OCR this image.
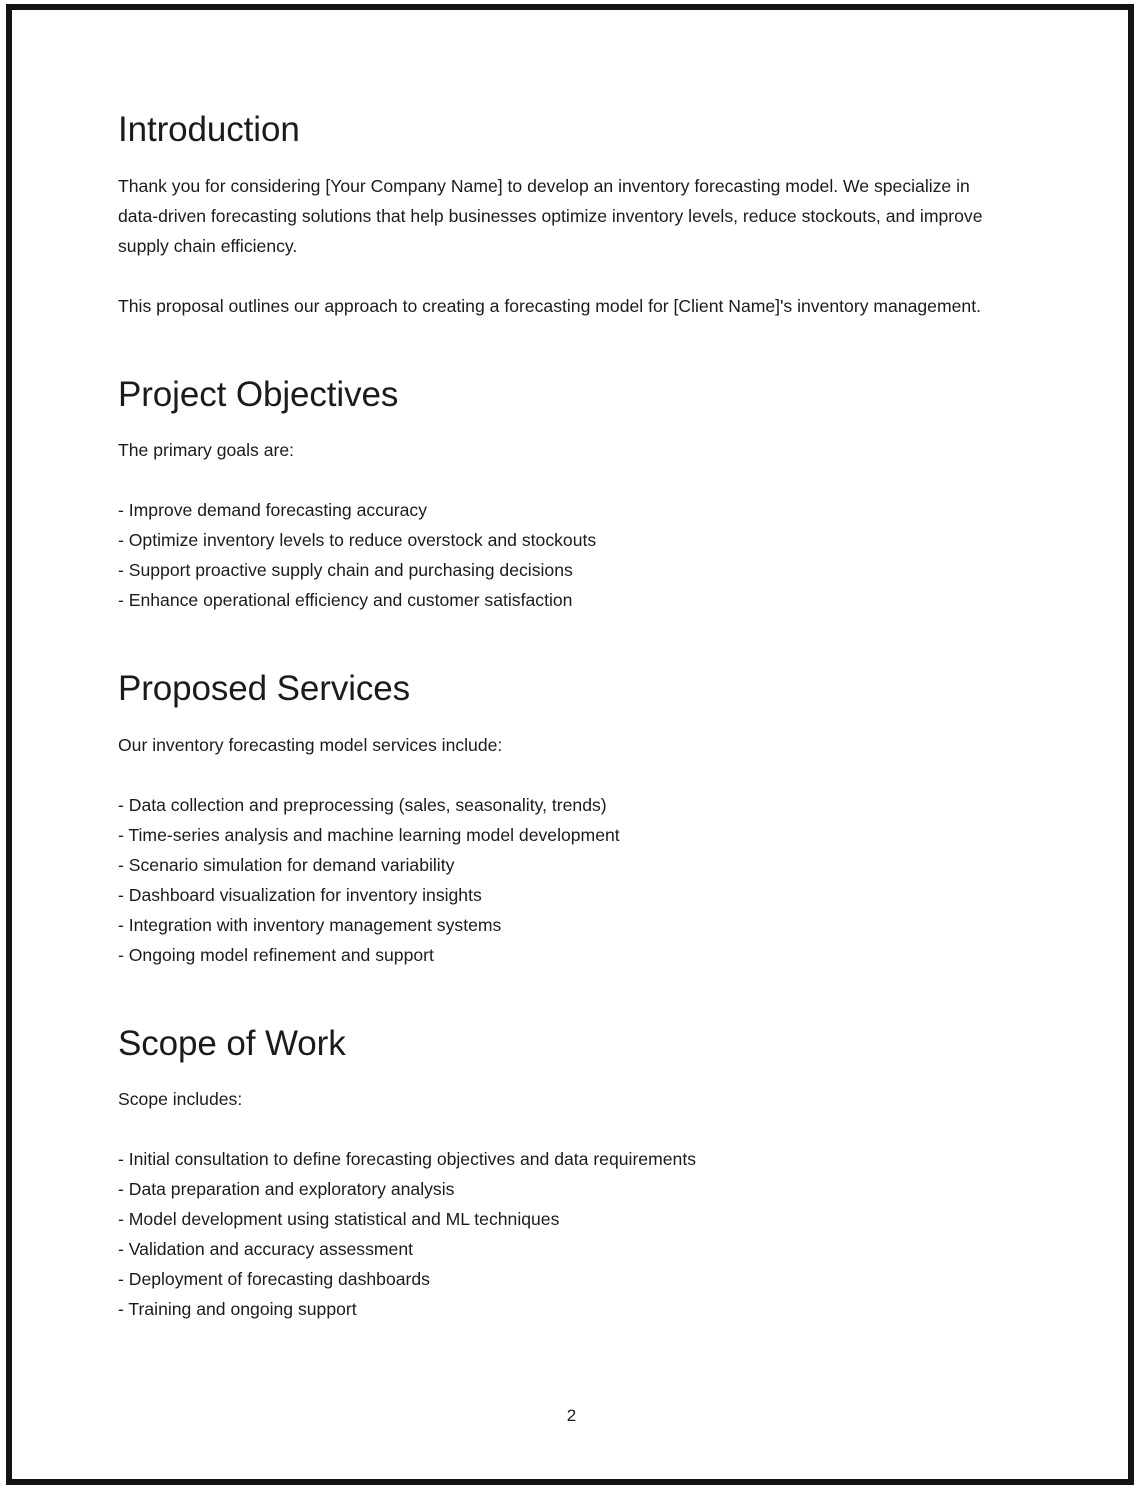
Introduction

Thank you for considering [Your Company Name] to develop an inventory forecasting model. We specialize in data-driven forecasting solutions that help businesses optimize inventory levels, reduce stockouts, and improve supply chain efficiency.

This proposal outlines our approach to creating a forecasting model for [Client Name]'s inventory management.

Project Objectives

The primary goals are:

- Improve demand forecasting accuracy
- Optimize inventory levels to reduce overstock and stockouts
- Support proactive supply chain and purchasing decisions
- Enhance operational efficiency and customer satisfaction
Proposed Services

Our inventory forecasting model services include:

- Data collection and preprocessing (sales, seasonality, trends)
- Time-series analysis and machine learning model development
- Scenario simulation for demand variability
- Dashboard visualization for inventory insights
- Integration with inventory management systems
- Ongoing model refinement and support
Scope of Work

Scope includes:

- Initial consultation to define forecasting objectives and data requirements
- Data preparation and exploratory analysis
- Model development using statistical and ML techniques
- Validation and accuracy assessment
- Deployment of forecasting dashboards
- Training and ongoing support
2
